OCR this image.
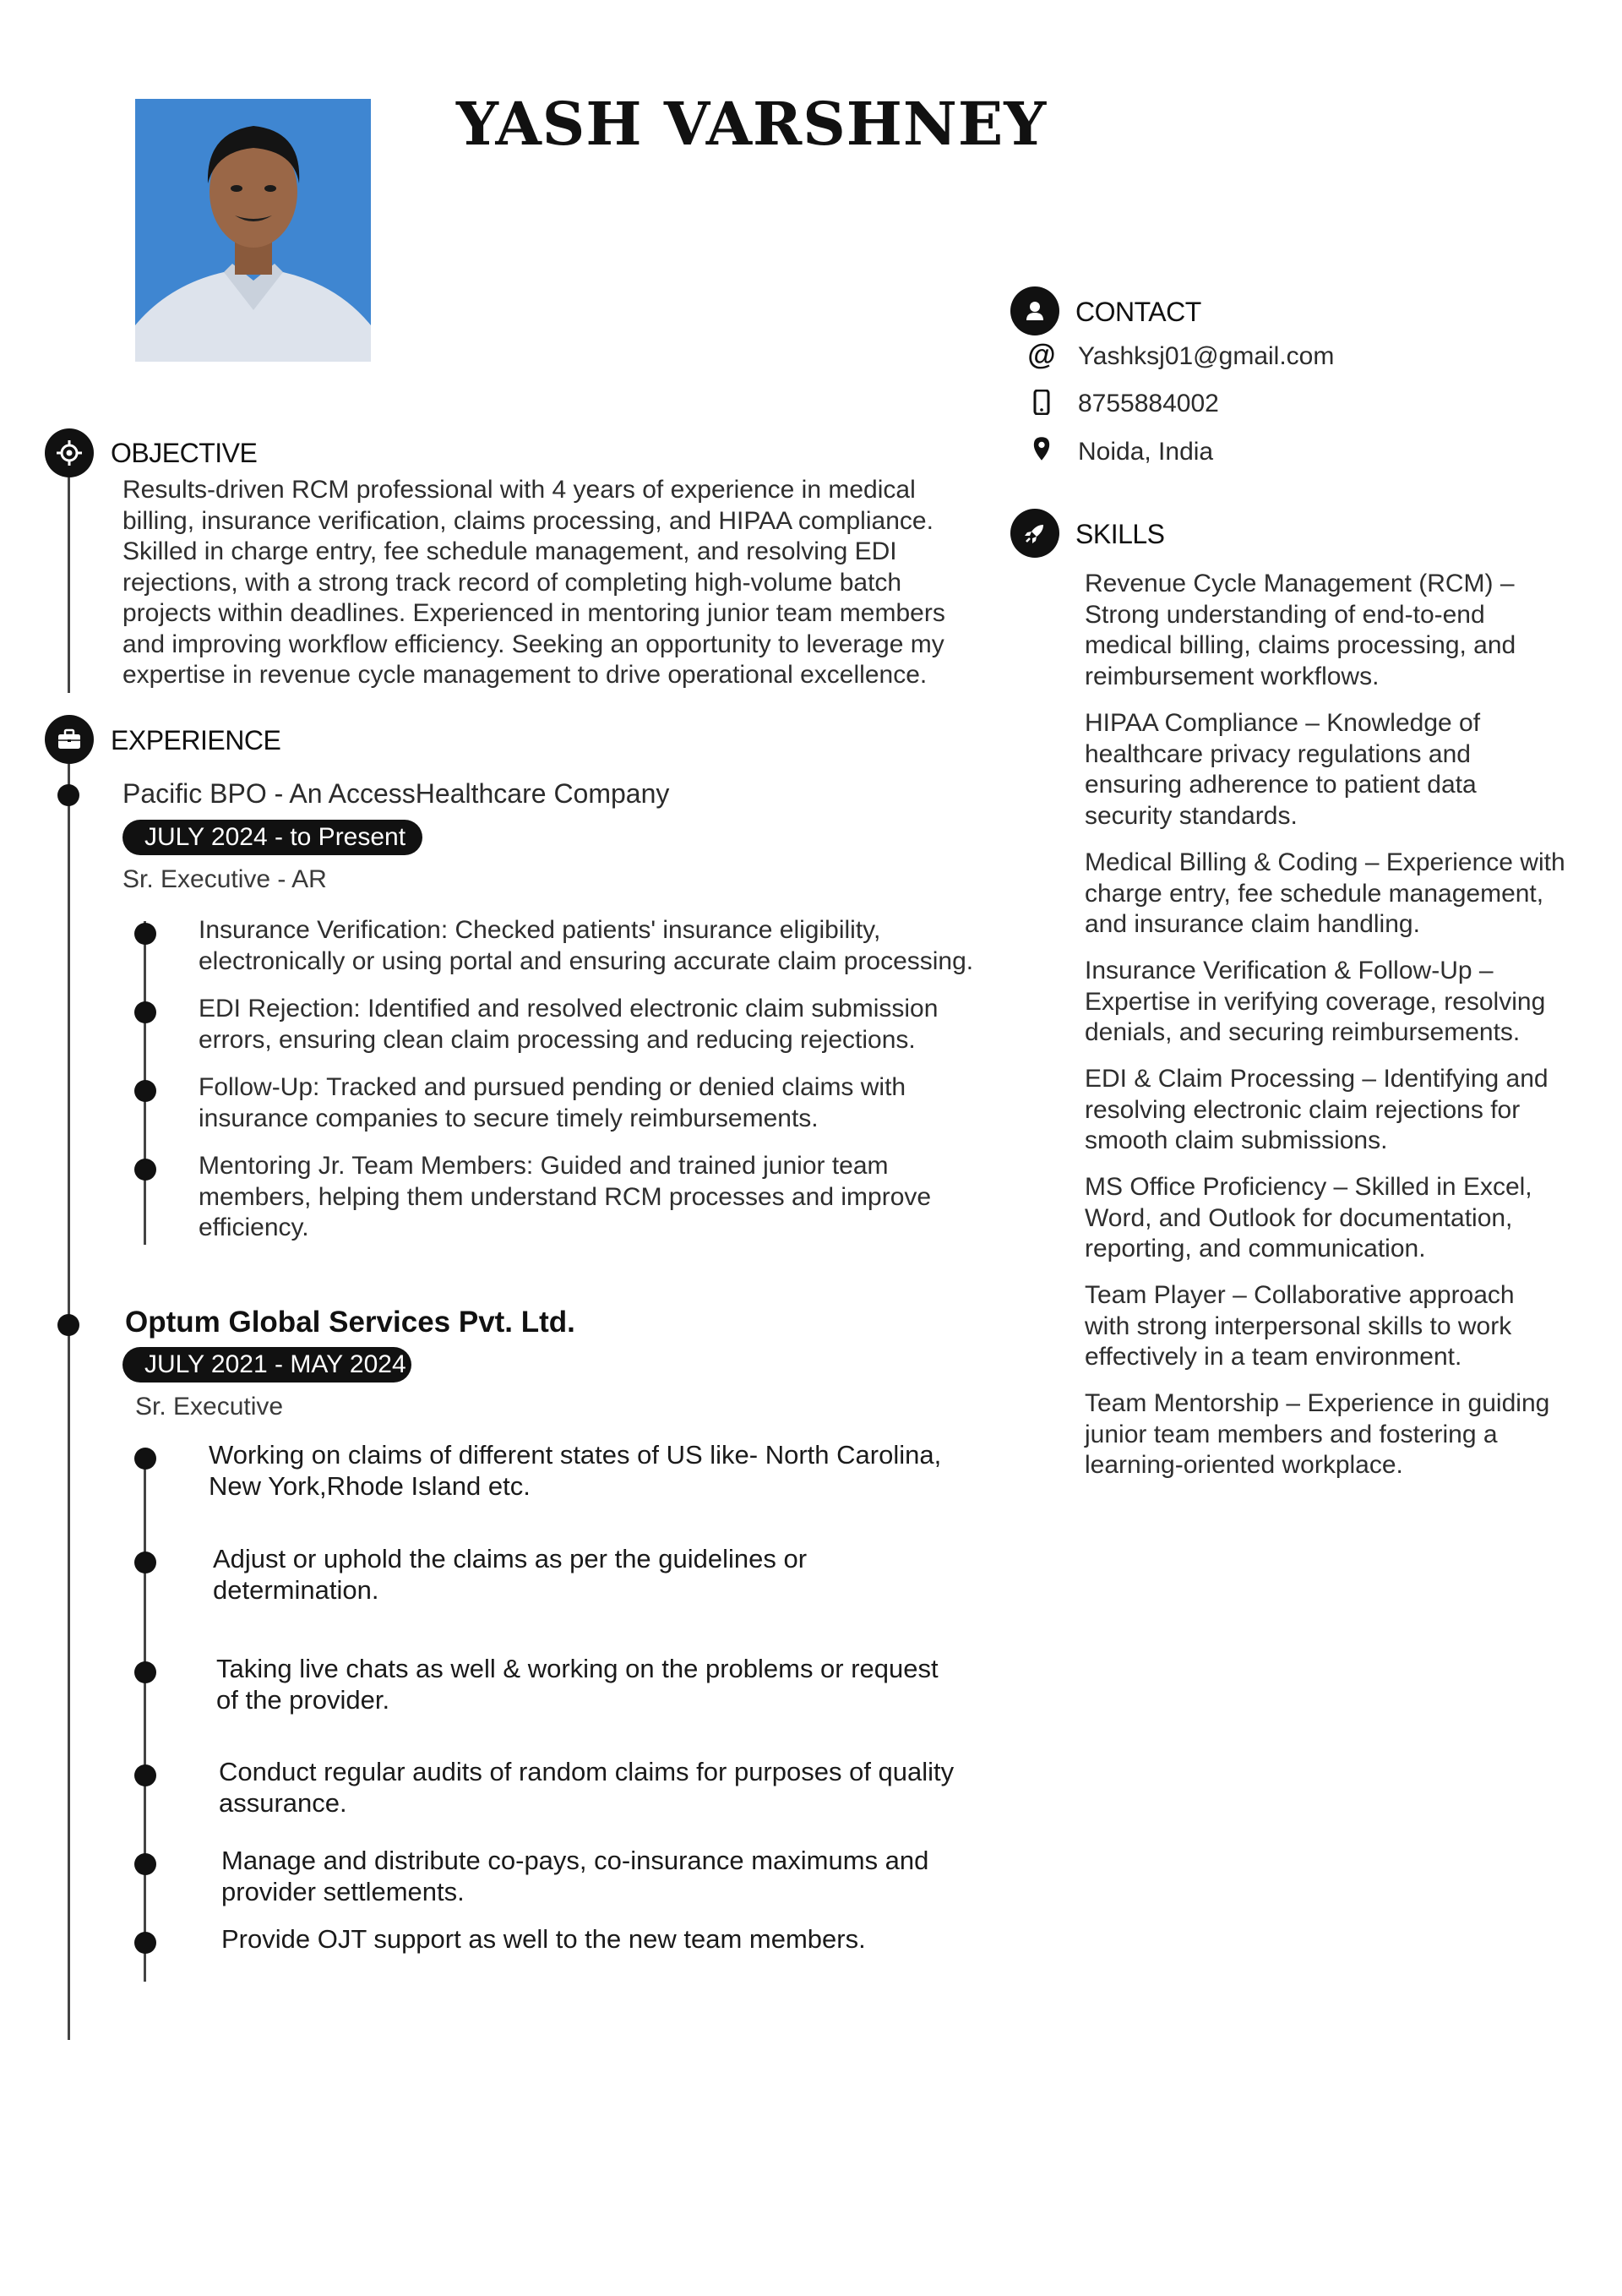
YASH VARSHNEY
OBJECTIVE
Results-driven RCM professional with 4 years of experience in medical
billing, insurance verification, claims processing, and HIPAA compliance.
Skilled in charge entry, fee schedule management, and resolving EDI
rejections, with a strong track record of completing high-volume batch
projects within deadlines. Experienced in mentoring junior team members
and improving workflow efficiency. Seeking an opportunity to leverage my
expertise in revenue cycle management to drive operational excellence.
EXPERIENCE
Pacific BPO - An AccessHealthcare Company
JULY 2024 - to Present
Sr. Executive - AR
Insurance Verification: Checked patients' insurance eligibility,
electronically or using portal and ensuring accurate claim processing.
EDI Rejection: Identified and resolved electronic claim submission
errors, ensuring clean claim processing and reducing rejections.
Follow-Up: Tracked and pursued pending or denied claims with
insurance companies to secure timely reimbursements.
Mentoring Jr. Team Members: Guided and trained junior team
members, helping them understand RCM processes and improve
efficiency.
Optum Global Services Pvt. Ltd.
JULY 2021 - MAY 2024
Sr. Executive
Working on claims of different states of US like- North Carolina,
New York,Rhode Island etc.
Adjust or uphold the claims as per the guidelines or
determination.
Taking live chats as well & working on the problems or request
of the provider.
Conduct regular audits of random claims for purposes of quality
assurance.
Manage and distribute co-pays, co-insurance maximums and
provider settlements.
Provide OJT support as well to the new team members.
CONTACT
@ Yashksj01@gmail.com
8755884002
Noida, India
SKILLS
Revenue Cycle Management (RCM) –
Strong understanding of end-to-end
medical billing, claims processing, and
reimbursement workflows.
HIPAA Compliance – Knowledge of
healthcare privacy regulations and
ensuring adherence to patient data
security standards.
Medical Billing & Coding – Experience with
charge entry, fee schedule management,
and insurance claim handling.
Insurance Verification & Follow-Up –
Expertise in verifying coverage, resolving
denials, and securing reimbursements.
EDI & Claim Processing – Identifying and
resolving electronic claim rejections for
smooth claim submissions.
MS Office Proficiency – Skilled in Excel,
Word, and Outlook for documentation,
reporting, and communication.
Team Player – Collaborative approach
with strong interpersonal skills to work
effectively in a team environment.
Team Mentorship – Experience in guiding
junior team members and fostering a
learning-oriented workplace.
